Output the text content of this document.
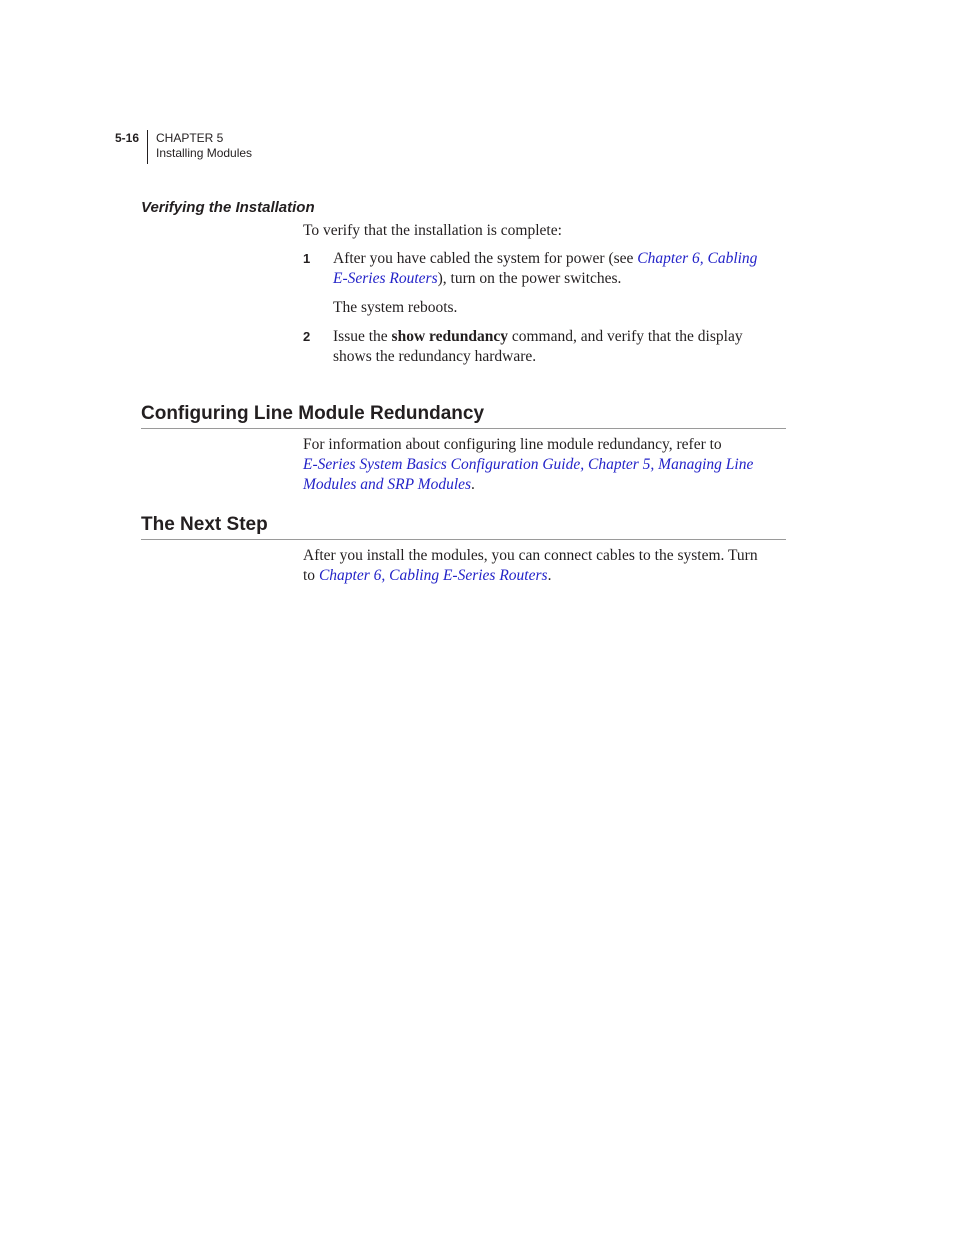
5-16 CHAPTER 5
Installing Modules
Verifying the Installation
To verify that the installation is complete:
1 After you have cabled the system for power (see Chapter 6, Cabling
E-Series Routers), turn on the power switches.
The system reboots.
2 Issue the show redundancy command, and verify that the display
shows the redundancy hardware.
Configuring Line Module Redundancy
For information about configuring line module redundancy, refer to
E-Series System Basics Configuration Guide, Chapter 5, Managing Line
Modules and SRP Modules.
The Next Step
After you install the modules, you can connect cables to the system. Turn
to Chapter 6, Cabling E-Series Routers.
